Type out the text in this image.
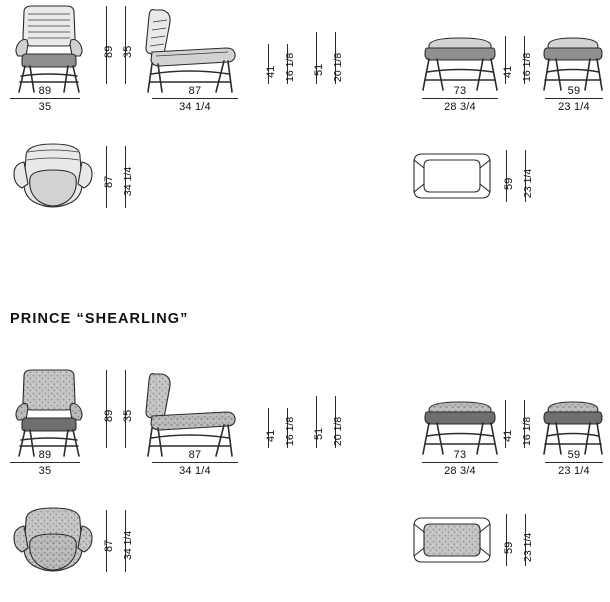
89
35
89 35
87
34 1/4
41 16 1/8 51 20 1/8
73
28 3/4
41 16 1/8
59
23 1/4
87 34 1/4	59 23 1/4
PRINCE “SHEARLING”
89
35
89 35
87
34 1/4
41 16 1/8 51 20 1/8
73
28 3/4
41 16 1/8
59
23 1/4
87 34 1/4	59 23 1/4
